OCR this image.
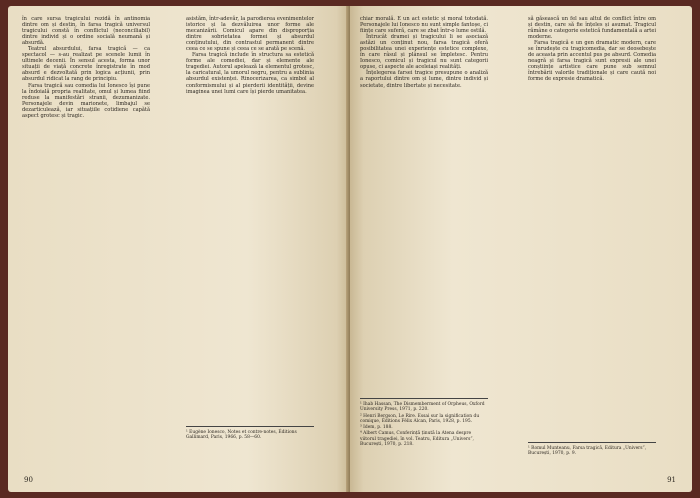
în care sursa tragicului rezidă în antinomia dintre om și destin, în farsa tragică universul tragicului constă în conflictul (neconciliabil) dintre individ și o ordine socială neumană și absurdă.

Teatrul absurdului, farsa tragică — ca spectacol — s-au realizat pe scenele lumii în ultimele decenii. În sensul acesta, forma unor situații de viață concrete înregistrate în mod absurd e dezvoltată prin logica acțiunii, prin absurdul ridicat la rang de principiu.

Farsa tragică sau comedia lui Ionesco își pune la îndoială propria realitate, omul și lumea fiind reduse la manifestări stranii, dezumanizate. Personajele devin marionete, limbajul se dezarticulează, iar situațiile cotidiene capătă aspect grotesc și tragic.

asistăm, într-adevăr, la parodierea evenimentelor istorice și la dezvăluirea unor forme ale mecanizării. Comicul apare din disproporția dintre sobrietatea formei și absurdul conținutului, din contrastul permanent dintre ceea ce se spune și ceea ce se arată pe scenă.

Farsa tragică include în structura sa estetică forme ale comediei, dar și elemente ale tragediei. Autorul apelează la elementul grotesc, la caricatural, la umorul negru, pentru a sublinia absurdul existenței. Rinocerizarea, ca simbol al conformismului și al pierderii identității, devine imaginea unei lumi care își pierde umanitatea.

¹ Eugène Ionesco, Notes et contre-notes, Éditions Gallimard, Paris, 1966, p. 58—60.

90

chiar morală. E un act estetic și moral totodată. Personajele lui Ionesco nu sunt simple fantoșe, ci ființe care suferă, care se zbat într-o lume ostilă.

Întrucât dramei și tragicului li se asociază astăzi un conținut nou, farsa tragică oferă posibilitatea unei experiențe estetice complexe, în care râsul și plânsul se împletesc. Pentru Ionesco, comicul și tragicul nu sunt categorii opuse, ci aspecte ale aceleiași realități.

Înțelegerea farsei tragice presupune o analiză a raportului dintre om și lume, dintre individ și societate, dintre libertate și necesitate.

¹ Ihab Hassan, The Dismemberment of Orpheus, Oxford University Press, 1971, p. 220.

² Henri Bergson, Le Rire. Essai sur la signification du comique, Éditions Félix Alcan, Paris, 1928, p. 195.

³ Idem, p. 188.

⁴ Albert Camus, Conferință ținută la Atena despre viitorul tragediei, în vol. Teatru, Editura „Univers”, București, 1970, p. 218.

să găsească un fel sau altul de conflict între om și destin, care să fie înțeles și asumat. Tragicul rămâne o categorie estetică fundamentală a artei moderne.

Farsa tragică e un gen dramatic modern, care se înrudește cu tragicomedia, dar se deosebește de aceasta prin accentul pus pe absurd. Comedia neagră și farsa tragică sunt expresii ale unei conștiințe artistice care pune sub semnul întrebării valorile tradiționale și care caută noi forme de expresie dramatică.

¹ Romul Munteanu, Farsa tragică, Editura „Univers”, București, 1970, p. 9.

91
